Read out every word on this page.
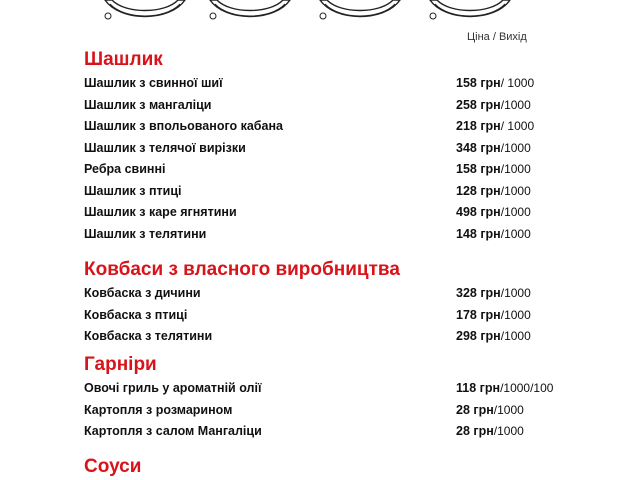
Ціна / Вихід
Шашлик
Шашлик з свинної шиї	158 грн/ 1000
Шашлик з мангаліци	258 грн/1000
Шашлик з впольованого кабана	218 грн/ 1000
Шашлик з телячої вирізки	348 грн/1000
Ребра свинні	158 грн/1000
Шашлик з птиці	128 грн/1000
Шашлик з каре ягнятини	498 грн/1000
Шашлик з телятини	148 грн/1000
Ковбаси з власного виробництва
Ковбаска з дичини	328 грн/1000
Ковбаска з птиці	178 грн/1000
Ковбаска з телятини	298 грн/1000
Гарніри
Овочі гриль у ароматній олії	118 грн/1000/100
Картопля з розмарином	28 грн/1000
Картопля з салом Мангаліци	28 грн/1000
Соуси
